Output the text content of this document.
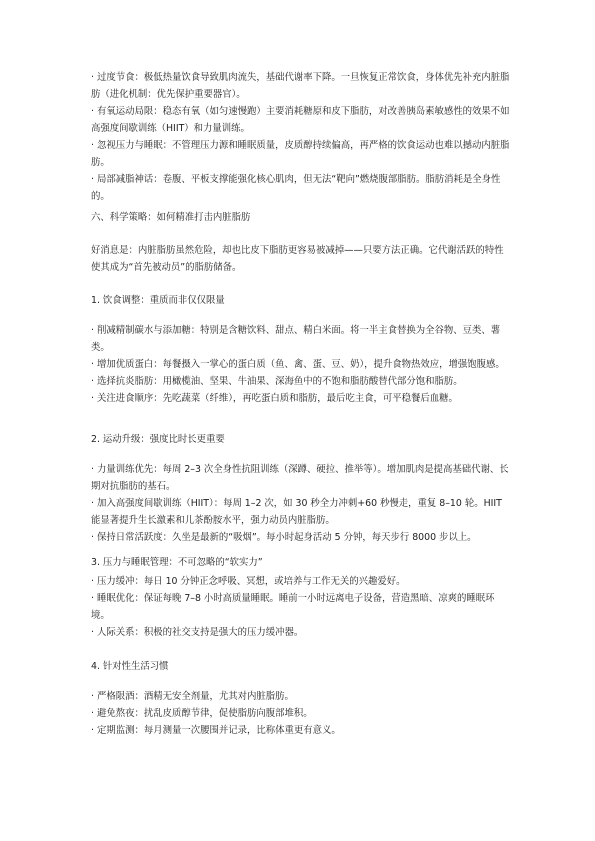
· 过度节食：极低热量饮食导致肌肉流失，基础代谢率下降。一旦恢复正常饮食，身体优先补充内脏脂肪（进化机制：优先保护重要器官）。

· 有氧运动局限：稳态有氧（如匀速慢跑）主要消耗糖原和皮下脂肪，对改善胰岛素敏感性的效果不如高强度间歇训练（HIIT）和力量训练。

· 忽视压力与睡眠：不管理压力源和睡眠质量，皮质醇持续偏高，再严格的饮食运动也难以撼动内脏脂肪。

· 局部减脂神话：卷腹、平板支撑能强化核心肌肉，但无法“靶向”燃烧腹部脂肪。脂肪消耗是全身性的。

六、科学策略：如何精准打击内脏脂肪

好消息是：内脏脂肪虽然危险，却也比皮下脂肪更容易被减掉——只要方法正确。它代谢活跃的特性使其成为“首先被动员”的脂肪储备。

1. 饮食调整：重质而非仅仅限量

· 削减精制碳水与添加糖：特别是含糖饮料、甜点、精白米面。将一半主食替换为全谷物、豆类、薯类。

· 增加优质蛋白：每餐摄入一掌心的蛋白质（鱼、禽、蛋、豆、奶），提升食物热效应，增强饱腹感。

· 选择抗炎脂肪：用橄榄油、坚果、牛油果、深海鱼中的不饱和脂肪酸替代部分饱和脂肪。

· 关注进食顺序：先吃蔬菜（纤维），再吃蛋白质和脂肪，最后吃主食，可平稳餐后血糖。

2. 运动升级：强度比时长更重要

· 力量训练优先：每周 2–3 次全身性抗阻训练（深蹲、硬拉、推举等）。增加肌肉是提高基础代谢、长期对抗脂肪的基石。

· 加入高强度间歇训练（HIIT）：每周 1–2 次，如 30 秒全力冲刺+60 秒慢走，重复 8–10 轮。HIIT 能显著提升生长激素和儿茶酚胺水平，强力动员内脏脂肪。

· 保持日常活跃度：久坐是最新的“吸烟”。每小时起身活动 5 分钟，每天步行 8000 步以上。

3. 压力与睡眠管理：不可忽略的“软实力”

· 压力缓冲：每日 10 分钟正念呼吸、冥想，或培养与工作无关的兴趣爱好。

· 睡眠优化：保证每晚 7–8 小时高质量睡眠。睡前一小时远离电子设备，营造黑暗、凉爽的睡眠环境。

· 人际关系：积极的社交支持是强大的压力缓冲器。

4. 针对性生活习惯

· 严格限酒：酒精无安全剂量，尤其对内脏脂肪。

· 避免熬夜：扰乱皮质醇节律，促使脂肪向腹部堆积。

· 定期监测：每月测量一次腰围并记录，比称体重更有意义。
